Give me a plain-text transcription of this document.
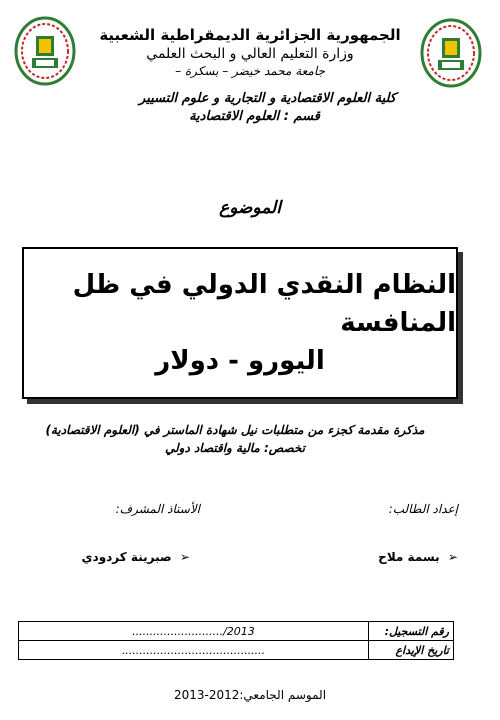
الجمهورية الجزائرية الديمقراطية الشعبية
وزارة التعليم العالي و البحث العلمي
جامعة محمد خيضر – بسكرة –
كلية العلوم الاقتصادية و التجارية و علوم التسيير
قسم : العلوم الاقتصادية
الموضوع
النظام النقدي الدولي في ظل المنافسة
اليورو - دولار
مذكرة مقدمة كجزء من متطلبات نيل شهادة الماستر في (العلوم الاقتصادية)
تخصص: مالية واقتصاد دولي
إعداد الطالب:
الأستاذ المشرف:
➢  بسمة ملاح
➢  صبرينة كردودي
رقم التسجيل:	........................../2013
تاريخ الإيداع	.........................................
الموسم الجامعي:2012-2013
